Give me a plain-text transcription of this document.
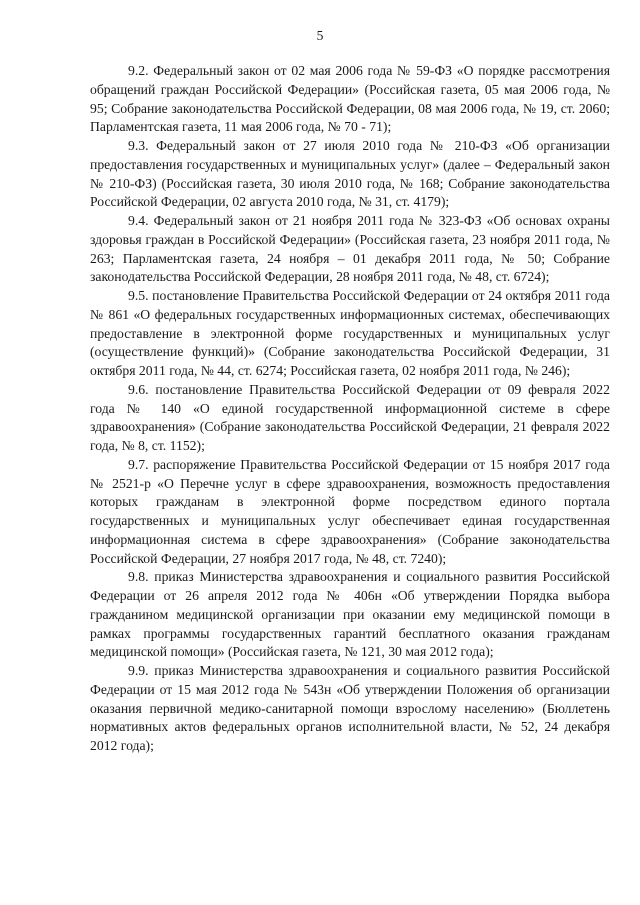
5

9.2. Федеральный закон от 02 мая 2006 года № 59-ФЗ «О порядке рассмотрения обращений граждан Российской Федерации» (Российская газета, 05 мая 2006 года, № 95; Собрание законодательства Российской Федерации, 08 мая 2006 года, № 19, ст. 2060; Парламентская газета, 11 мая 2006 года, № 70 - 71);

9.3. Федеральный закон от 27 июля 2010 года № 210-ФЗ «Об организации предоставления государственных и муниципальных услуг» (далее – Федеральный закон № 210-ФЗ) (Российская газета, 30 июля 2010 года, № 168; Собрание законодательства Российской Федерации, 02 августа 2010 года, № 31, ст. 4179);

9.4. Федеральный закон от 21 ноября 2011 года № 323-ФЗ «Об основах охраны здоровья граждан в Российской Федерации» (Российская газета, 23 ноября 2011 года, № 263; Парламентская газета, 24 ноября – 01 декабря 2011 года, № 50; Собрание законодательства Российской Федерации, 28 ноября 2011 года, № 48, ст. 6724);

9.5. постановление Правительства Российской Федерации от 24 октября 2011 года № 861 «О федеральных государственных информационных системах, обеспечивающих предоставление в электронной форме государственных и муниципальных услуг (осуществление функций)» (Собрание законодательства Российской Федерации, 31 октября 2011 года, № 44, ст. 6274; Российская газета, 02 ноября 2011 года, № 246);

9.6. постановление Правительства Российской Федерации от 09 февраля 2022 года № 140 «О единой государственной информационной системе в сфере здравоохранения» (Собрание законодательства Российской Федерации, 21 февраля 2022 года, № 8, ст. 1152);

9.7. распоряжение Правительства Российской Федерации от 15 ноября 2017 года № 2521-р «О Перечне услуг в сфере здравоохранения, возможность предоставления которых гражданам в электронной форме посредством единого портала государственных и муниципальных услуг обеспечивает единая государственная информационная система в сфере здравоохранения» (Собрание законодательства Российской Федерации, 27 ноября 2017 года, № 48, ст. 7240);

9.8. приказ Министерства здравоохранения и социального развития Российской Федерации от 26 апреля 2012 года № 406н «Об утверждении Порядка выбора гражданином медицинской организации при оказании ему медицинской помощи в рамках программы государственных гарантий бесплатного оказания гражданам медицинской помощи» (Российская газета, № 121, 30 мая 2012 года);

9.9. приказ Министерства здравоохранения и социального развития Российской Федерации от 15 мая 2012 года № 543н «Об утверждении Положения об организации оказания первичной медико-санитарной помощи взрослому населению» (Бюллетень нормативных актов федеральных органов исполнительной власти, № 52, 24 декабря 2012 года);
